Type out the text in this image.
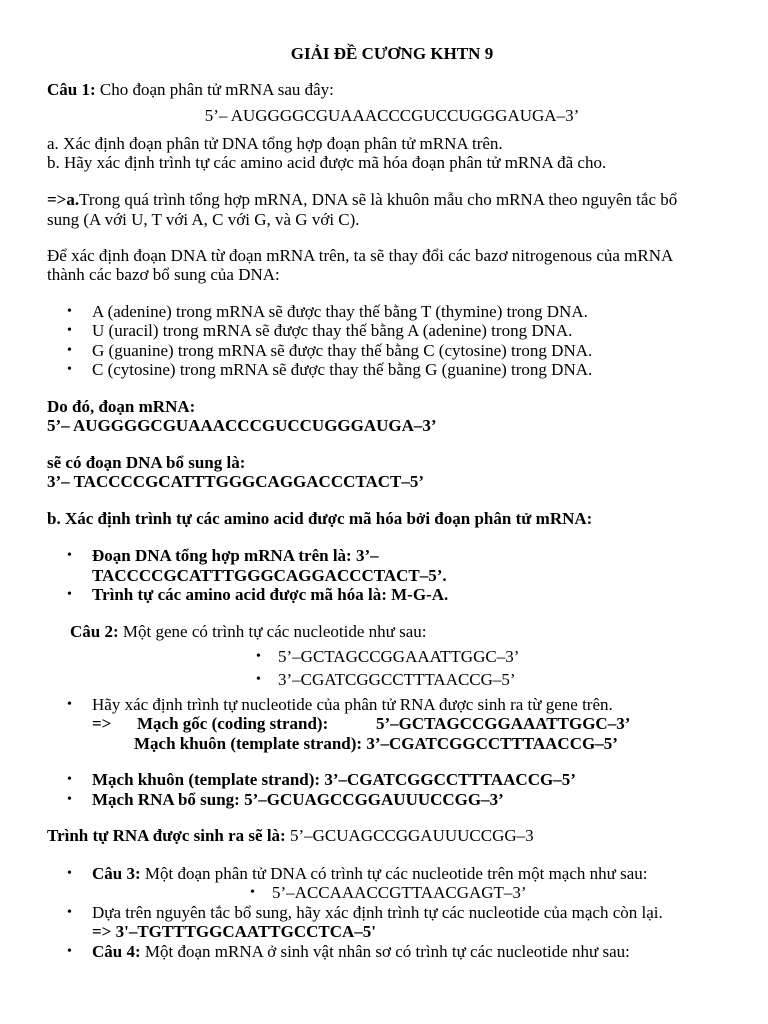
GIẢI ĐỀ CƯƠNG KHTN 9
Câu 1: Cho đoạn phân tử mRNA sau đây:
5’– AUGGGGCGUAAACCCGUCCUGGGAUGA–3’
a. Xác định đoạn phân tử DNA tổng hợp đoạn phân tử mRNA trên.
b. Hãy xác định trình tự các amino acid được mã hóa đoạn phân tử mRNA đã cho.
=>a.Trong quá trình tổng hợp mRNA, DNA sẽ là khuôn mẫu cho mRNA theo nguyên tắc bổ
sung (A với U, T với A, C với G, và G với C).
Để xác định đoạn DNA từ đoạn mRNA trên, ta sẽ thay đổi các bazơ nitrogenous của mRNA
thành các bazơ bổ sung của DNA:
• A (adenine) trong mRNA sẽ được thay thế bằng T (thymine) trong DNA.
• U (uracil) trong mRNA sẽ được thay thế bằng A (adenine) trong DNA.
• G (guanine) trong mRNA sẽ được thay thế bằng C (cytosine) trong DNA.
• C (cytosine) trong mRNA sẽ được thay thế bằng G (guanine) trong DNA.
Do đó, đoạn mRNA:
5’– AUGGGGCGUAAACCCGUCCUGGGAUGA–3’
sẽ có đoạn DNA bổ sung là:
3’– TACCCCGCATTTGGGCAGGACCCTACT–5’
b. Xác định trình tự các amino acid được mã hóa bởi đoạn phân tử mRNA:
• Đoạn DNA tổng hợp mRNA trên là: 3’–
TACCCCGCATTTGGGCAGGACCCTACT–5’.
• Trình tự các amino acid được mã hóa là: M-G-A.
Câu 2: Một gene có trình tự các nucleotide như sau:
• 5’–GCTAGCCGGAAATTGGC–3’
• 3’–CGATCGGCCTTTAACCG–5’
• Hãy xác định trình tự nucleotide của phân tử RNA được sinh ra từ gene trên.
=> Mạch gốc (coding strand):	5’–GCTAGCCGGAAATTGGC–3’
Mạch khuôn (template strand): 3’–CGATCGGCCTTTAACCG–5’
• Mạch khuôn (template strand): 3’–CGATCGGCCTTTAACCG–5’
• Mạch RNA bổ sung: 5’–GCUAGCCGGAUUUCCGG–3’
Trình tự RNA được sinh ra sẽ là: 5’–GCUAGCCGGAUUUCCGG–3
• Câu 3: Một đoạn phân tử DNA có trình tự các nucleotide trên một mạch như sau:
• 5’–ACCAAACCGTTAACGAGT–3’
• Dựa trên nguyên tắc bổ sung, hãy xác định trình tự các nucleotide của mạch còn lại.
=> 3'–TGTTTGGCAATTGCCTCA–5'
• Câu 4: Một đoạn mRNA ở sinh vật nhân sơ có trình tự các nucleotide như sau:
